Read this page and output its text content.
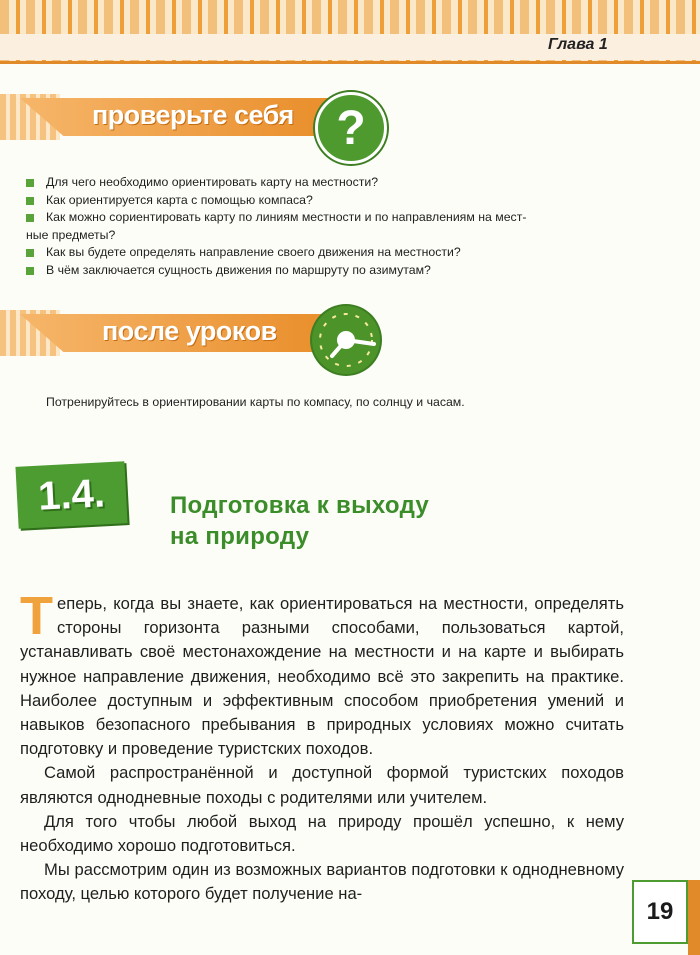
Глава 1
проверьте себя ?
Для чего необходимо ориентировать карту на местности?
Как ориентируется карта с помощью компаса?
Как можно сориентировать карту по линиям местности и по направлениям на мест-
ные предметы?
Как вы будете определять направление своего движения на местности?
В чём заключается сущность движения по маршруту по азимутам?
после уроков
Потренируйтесь в ориентировании карты по компасу, по солнцу и часам.
1.4.	Подготовка к выходу
на природу

Теперь, когда вы знаете, как ориентироваться на местности, определять стороны горизонта разными способами, пользоваться картой, устанавливать своё местонахождение на местности и на карте и выбирать нужное направление движения, необходимо всё это закрепить на практике. Наиболее доступным и эффективным способом приобретения умений и навыков безопасного пребывания в природных условиях можно считать подготовку и проведение туристских походов.

Самой распространённой и доступной формой туристских походов являются однодневные походы с родителями или учителем.

Для того чтобы любой выход на природу прошёл успешно, к нему необходимо хорошо подготовиться.

Мы рассмотрим один из возможных вариантов подготовки к однодневному походу, целью которого будет получение на-

19
